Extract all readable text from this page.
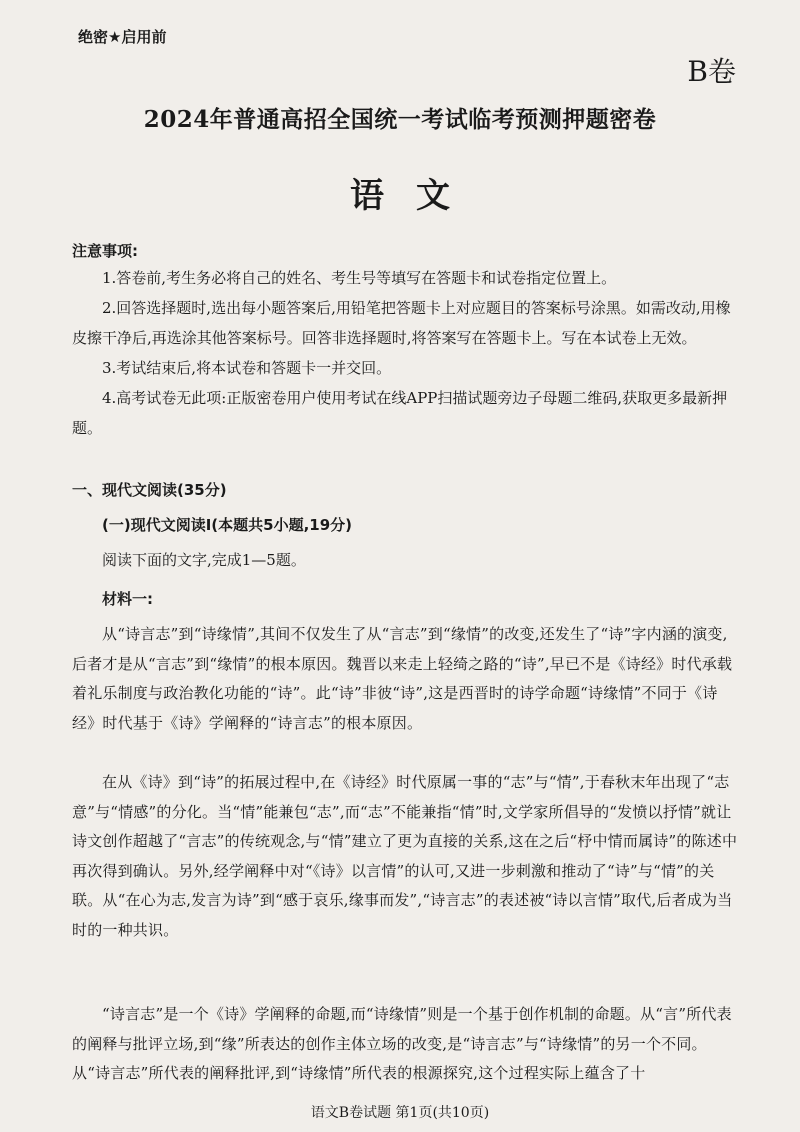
绝密★启用前
B卷
2024年普通高招全国统一考试临考预测押题密卷
语文
注意事项:

1.答卷前,考生务必将自己的姓名、考生号等填写在答题卡和试卷指定位置上。

2.回答选择题时,选出每小题答案后,用铅笔把答题卡上对应题目的答案标号涂黑。如需改动,用橡皮擦干净后,再选涂其他答案标号。回答非选择题时,将答案写在答题卡上。写在本试卷上无效。

3.考试结束后,将本试卷和答题卡一并交回。

4.高考试卷无此项:正版密卷用户使用考试在线APP扫描试题旁边子母题二维码,获取更多最新押题。

一、现代文阅读(35分)
(一)现代文阅读Ⅰ(本题共5小题,19分)
阅读下面的文字,完成1—5题。
材料一:
从“诗言志”到“诗缘情”,其间不仅发生了从“言志”到“缘情”的改变,还发生了“诗”字内涵的演变,后者才是从“言志”到“缘情”的根本原因。魏晋以来走上轻绮之路的“诗”,早已不是《诗经》时代承载着礼乐制度与政治教化功能的“诗”。此“诗”非彼“诗”,这是西晋时的诗学命题“诗缘情”不同于《诗经》时代基于《诗》学阐释的“诗言志”的根本原因。
在从《诗》到“诗”的拓展过程中,在《诗经》时代原属一事的“志”与“情”,于春秋末年出现了“志意”与“情感”的分化。当“情”能兼包“志”,而“志”不能兼指“情”时,文学家所倡导的“发愤以抒情”就让诗文创作超越了“言志”的传统观念,与“情”建立了更为直接的关系,这在之后“杼中情而属诗”的陈述中再次得到确认。另外,经学阐释中对“《诗》以言情”的认可,又进一步刺激和推动了“诗”与“情”的关联。从“在心为志,发言为诗”到“感于哀乐,缘事而发”,“诗言志”的表述被“诗以言情”取代,后者成为当时的一种共识。
“诗言志”是一个《诗》学阐释的命题,而“诗缘情”则是一个基于创作机制的命题。从“言”所代表的阐释与批评立场,到“缘”所表达的创作主体立场的改变,是“诗言志”与“诗缘情”的另一个不同。从“诗言志”所代表的阐释批评,到“诗缘情”所代表的根源探究,这个过程实际上蕴含了十
语文B卷试题 第1页(共10页)
